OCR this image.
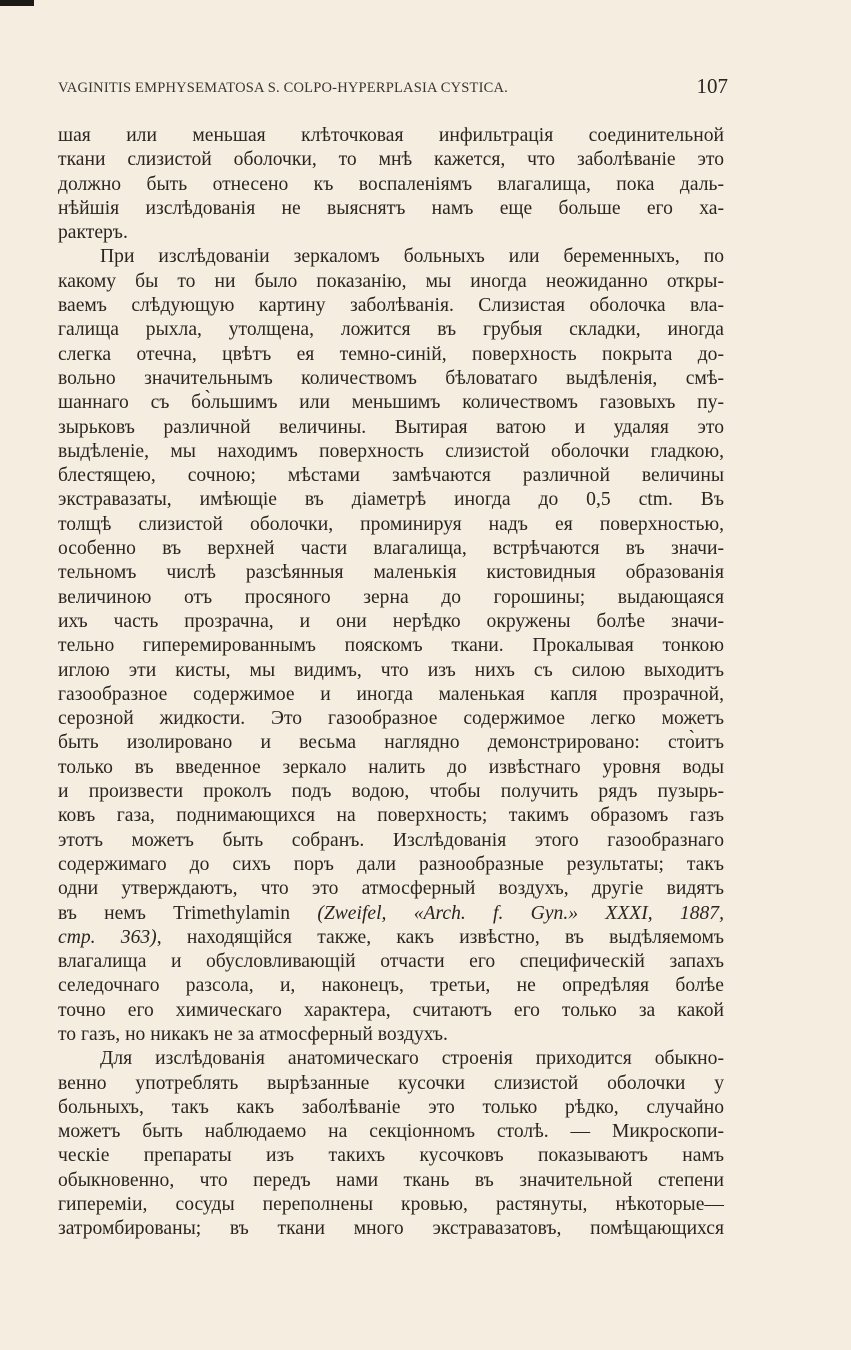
VAGINITIS EMPHYSEMATOSA S. COLPO-HYPERPLASIA CYSTICA.	107
шая или меньшая клѣточковая инфильтрація соединительной
ткани слизистой оболочки, то мнѣ кажется, что заболѣваніе это
должно быть отнесено къ воспаленіямъ влагалища, пока даль-
нѣйшія изслѣдованія не выяснятъ намъ еще больше его ха-
рактеръ.
При изслѣдованіи зеркаломъ больныхъ или беременныхъ, по
какому бы то ни было показанію, мы иногда неожиданно откры-
ваемъ слѣдующую картину заболѣванія. Слизистая оболочка вла-
галища рыхла, утолщена, ложится въ грубыя складки, иногда
слегка отечна, цвѣтъ ея темно-синій, поверхность покрыта до-
вольно значительнымъ количествомъ бѣловатаго выдѣленія, смѣ-
шаннаго съ бо̀льшимъ или меньшимъ количествомъ газовыхъ пу-
зырьковъ различной величины. Вытирая ватою и удаляя это
выдѣленіе, мы находимъ поверхность слизистой оболочки гладкою,
блестящею, сочною; мѣстами замѣчаются различной величины
экстравазаты, имѣющіе въ діаметрѣ иногда до 0,5 ctm. Въ
толщѣ слизистой оболочки, проминируя надъ ея поверхностью,
особенно въ верхней части влагалища, встрѣчаются въ значи-
тельномъ числѣ разсѣянныя маленькія кистовидныя образованія
величиною отъ просяного зерна до горошины; выдающаяся
ихъ часть прозрачна, и они нерѣдко окружены болѣе значи-
тельно гиперемированнымъ пояскомъ ткани. Прокалывая тонкою
иглою эти кисты, мы видимъ, что изъ нихъ съ силою выходитъ
газообразное содержимое и иногда маленькая капля прозрачной,
серозной жидкости. Это газообразное содержимое легко можетъ
быть изолировано и весьма наглядно демонстрировано: сто̀итъ
только въ введенное зеркало налить до извѣстнаго уровня воды
и произвести проколъ подъ водою, чтобы получить рядъ пузырь-
ковъ газа, поднимающихся на поверхность; такимъ образомъ газъ
этотъ можетъ быть собранъ. Изслѣдованія этого газообразнаго
содержимаго до сихъ поръ дали разнообразные результаты; такъ
одни утверждаютъ, что это атмосферный воздухъ, другіе видятъ
въ немъ Trimethylamin (Zweifel, «Arch. f. Gyn.» XXXI, 1887,
стр. 363), находящійся также, какъ извѣстно, въ выдѣляемомъ
влагалища и обусловливающій отчасти его специфическій запахъ
селедочнаго разсола, и, наконецъ, третьи, не опредѣляя болѣе
точно его химическаго характера, считаютъ его только за какой
то газъ, но никакъ не за атмосферный воздухъ.
Для изслѣдованія анатомическаго строенія приходится обыкно-
венно употреблять вырѣзанные кусочки слизистой оболочки у
больныхъ, такъ какъ заболѣваніе это только рѣдко, случайно
можетъ быть наблюдаемо на секціонномъ столѣ. — Микроскопи-
ческіе препараты изъ такихъ кусочковъ показываютъ намъ
обыкновенно, что передъ нами ткань въ значительной степени
гипереміи, сосуды переполнены кровью, растянуты, нѣкоторые—
затромбированы; въ ткани много экстравазатовъ, помѣщающихся
